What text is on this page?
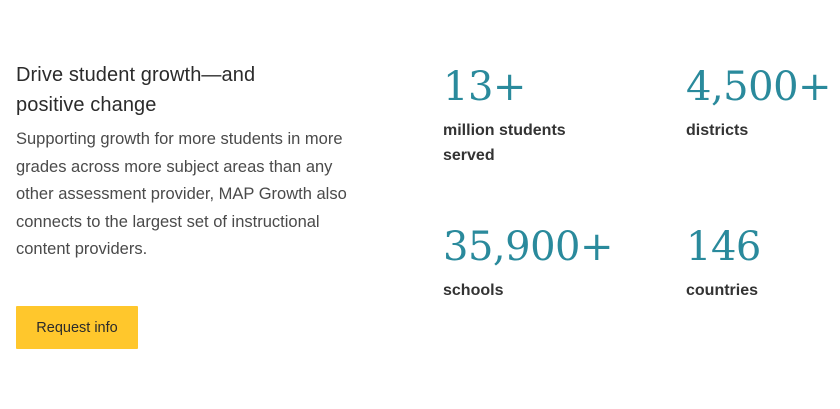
Drive student growth—and
positive change

Supporting growth for more students in more grades across more subject areas than any other assessment provider, MAP Growth also connects to the largest set of instructional content providers.

Request info
13+
million students
served
4,500+
districts
35,900+
schools
146
countries
